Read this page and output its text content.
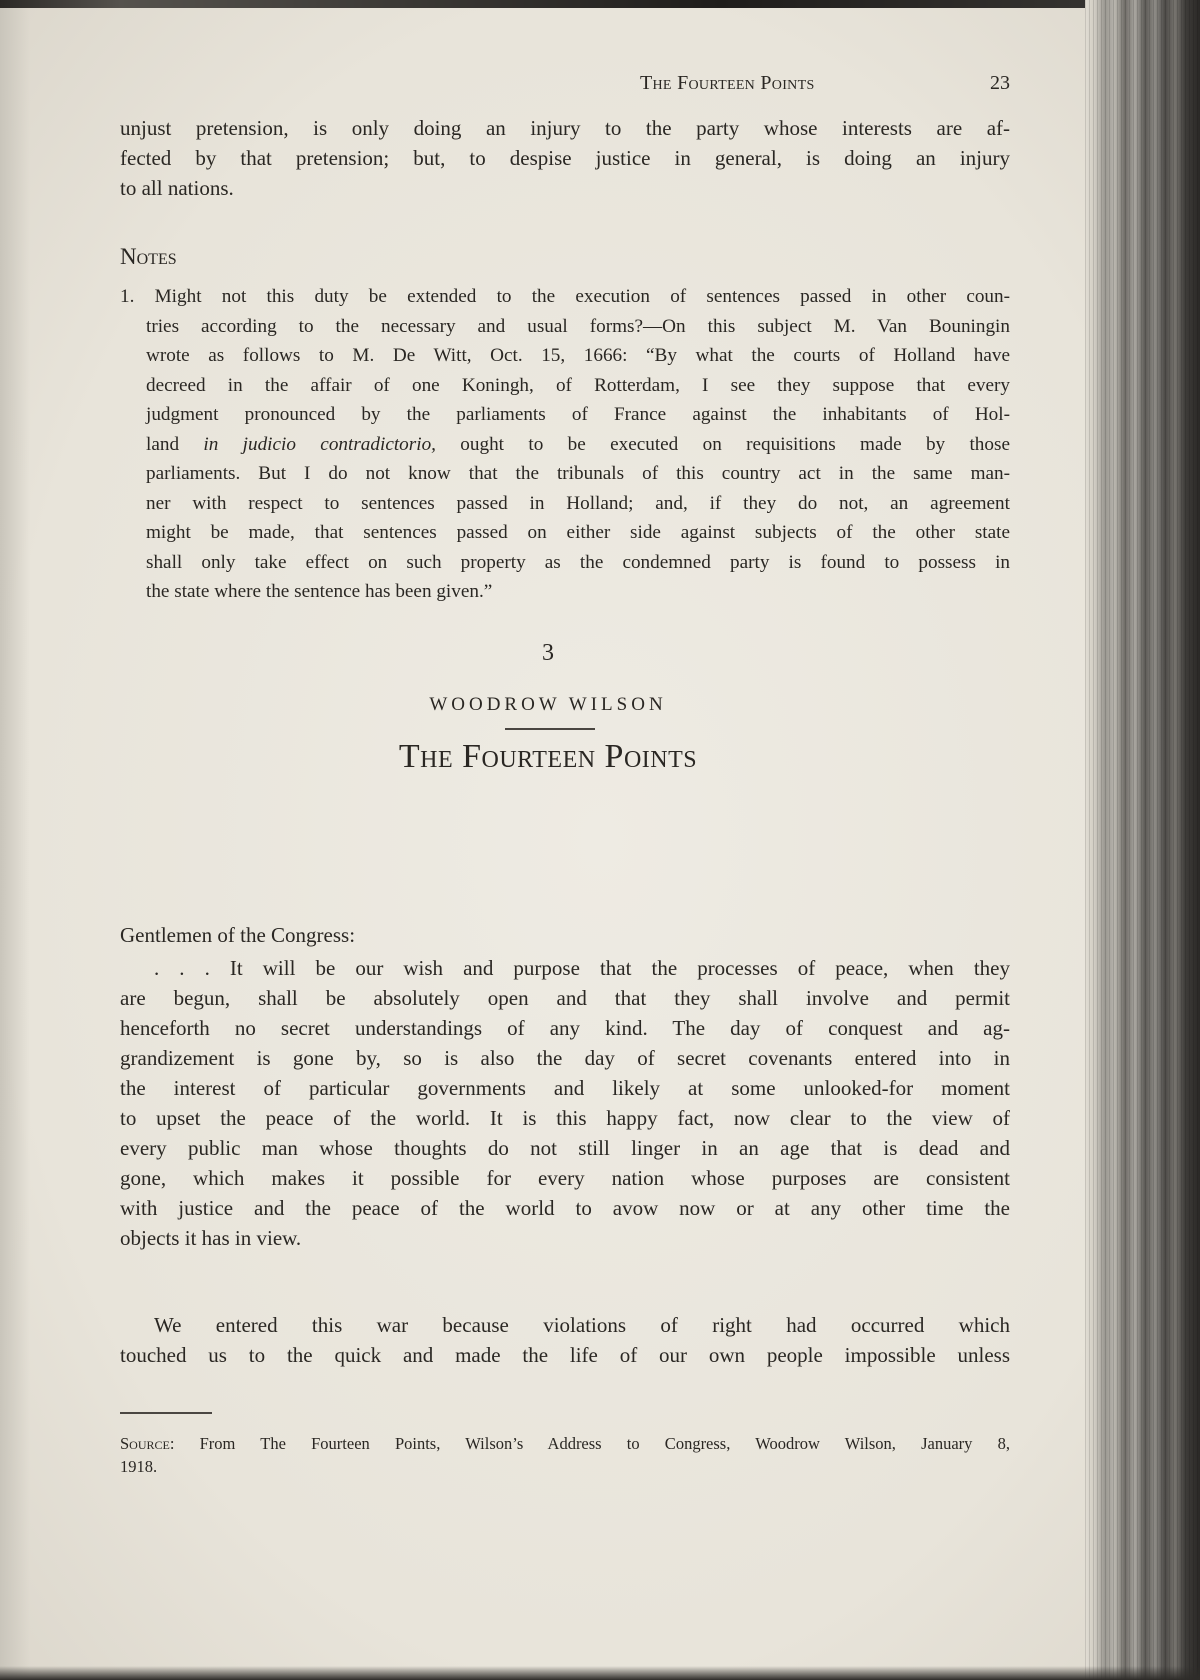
The Fourteen Points	23
unjust pretension, is only doing an injury to the party whose interests are af-
fected by that pretension; but, to despise justice in general, is doing an injury
to all nations.
Notes
1. Might not this duty be extended to the execution of sentences passed in other coun-
tries according to the necessary and usual forms?—On this subject M. Van Bouningin
wrote as follows to M. De Witt, Oct. 15, 1666: “By what the courts of Holland have
decreed in the affair of one Koningh, of Rotterdam, I see they suppose that every
judgment pronounced by the parliaments of France against the inhabitants of Hol-
land in judicio contradictorio, ought to be executed on requisitions made by those
parliaments. But I do not know that the tribunals of this country act in the same man-
ner with respect to sentences passed in Holland; and, if they do not, an agreement
might be made, that sentences passed on either side against subjects of the other state
shall only take effect on such property as the condemned party is found to possess in
the state where the sentence has been given.”
3
WOODROW WILSON
The Fourteen Points
Gentlemen of the Congress:
. . . It will be our wish and purpose that the processes of peace, when they
are begun, shall be absolutely open and that they shall involve and permit
henceforth no secret understandings of any kind. The day of conquest and ag-
grandizement is gone by, so is also the day of secret covenants entered into in
the interest of particular governments and likely at some unlooked-for moment
to upset the peace of the world. It is this happy fact, now clear to the view of
every public man whose thoughts do not still linger in an age that is dead and
gone, which makes it possible for every nation whose purposes are consistent
with justice and the peace of the world to avow now or at any other time the
objects it has in view.
We entered this war because violations of right had occurred which
touched us to the quick and made the life of our own people impossible unless
Source: From The Fourteen Points, Wilson’s Address to Congress, Woodrow Wilson, January 8,
1918.
